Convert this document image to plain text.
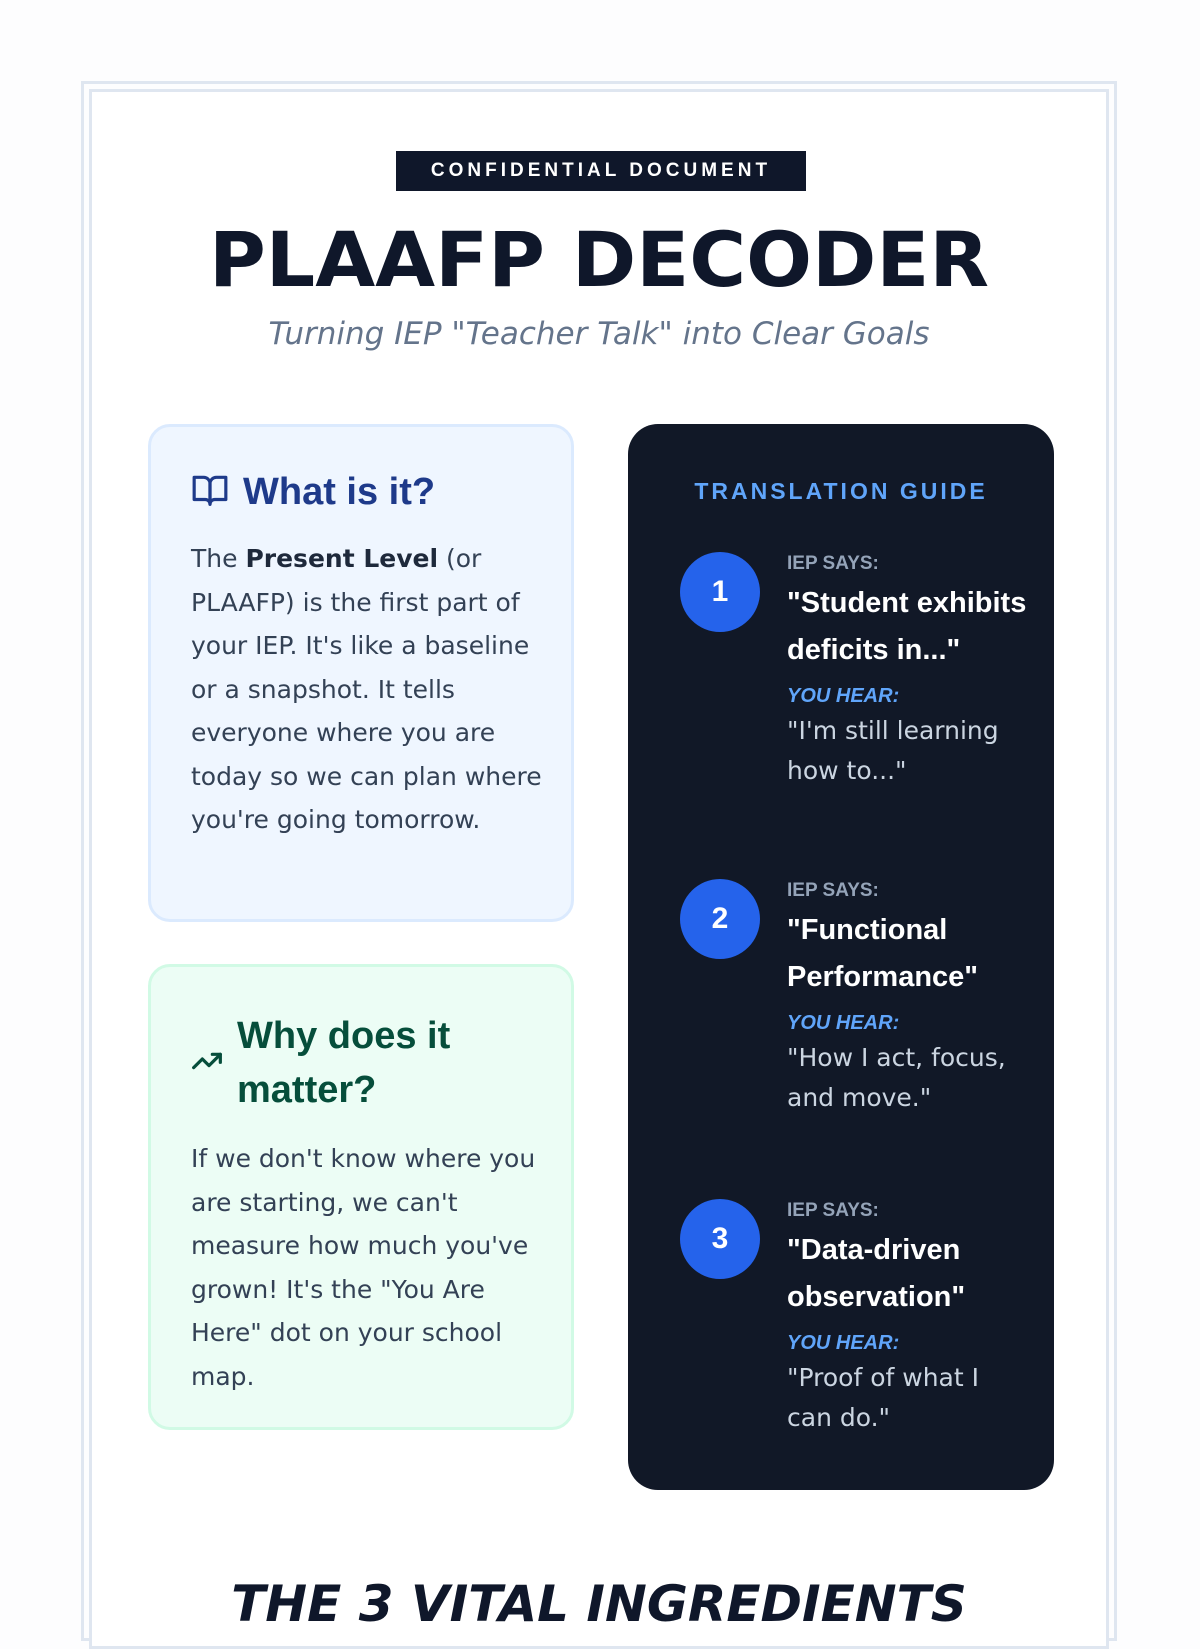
CONFIDENTIAL DOCUMENT
PLAAFP DECODER
Turning IEP "Teacher Talk" into Clear Goals
What is it?
The Present Level (or PLAAFP) is the first part of your IEP. It's like a baseline or a snapshot. It tells everyone where you are today so we can plan where you're going tomorrow.
Why does it matter?
If we don't know where you are starting, we can't measure how much you've grown! It's the "You Are Here" dot on your school map.
TRANSLATION GUIDE
1
IEP SAYS:
"Student exhibits deficits in..."
YOU HEAR:
"I'm still learning how to..."
2
IEP SAYS:
"Functional Performance"
YOU HEAR:
"How I act, focus, and move."
3
IEP SAYS:
"Data-driven observation"
YOU HEAR:
"Proof of what I can do."
THE 3 VITAL INGREDIENTS
